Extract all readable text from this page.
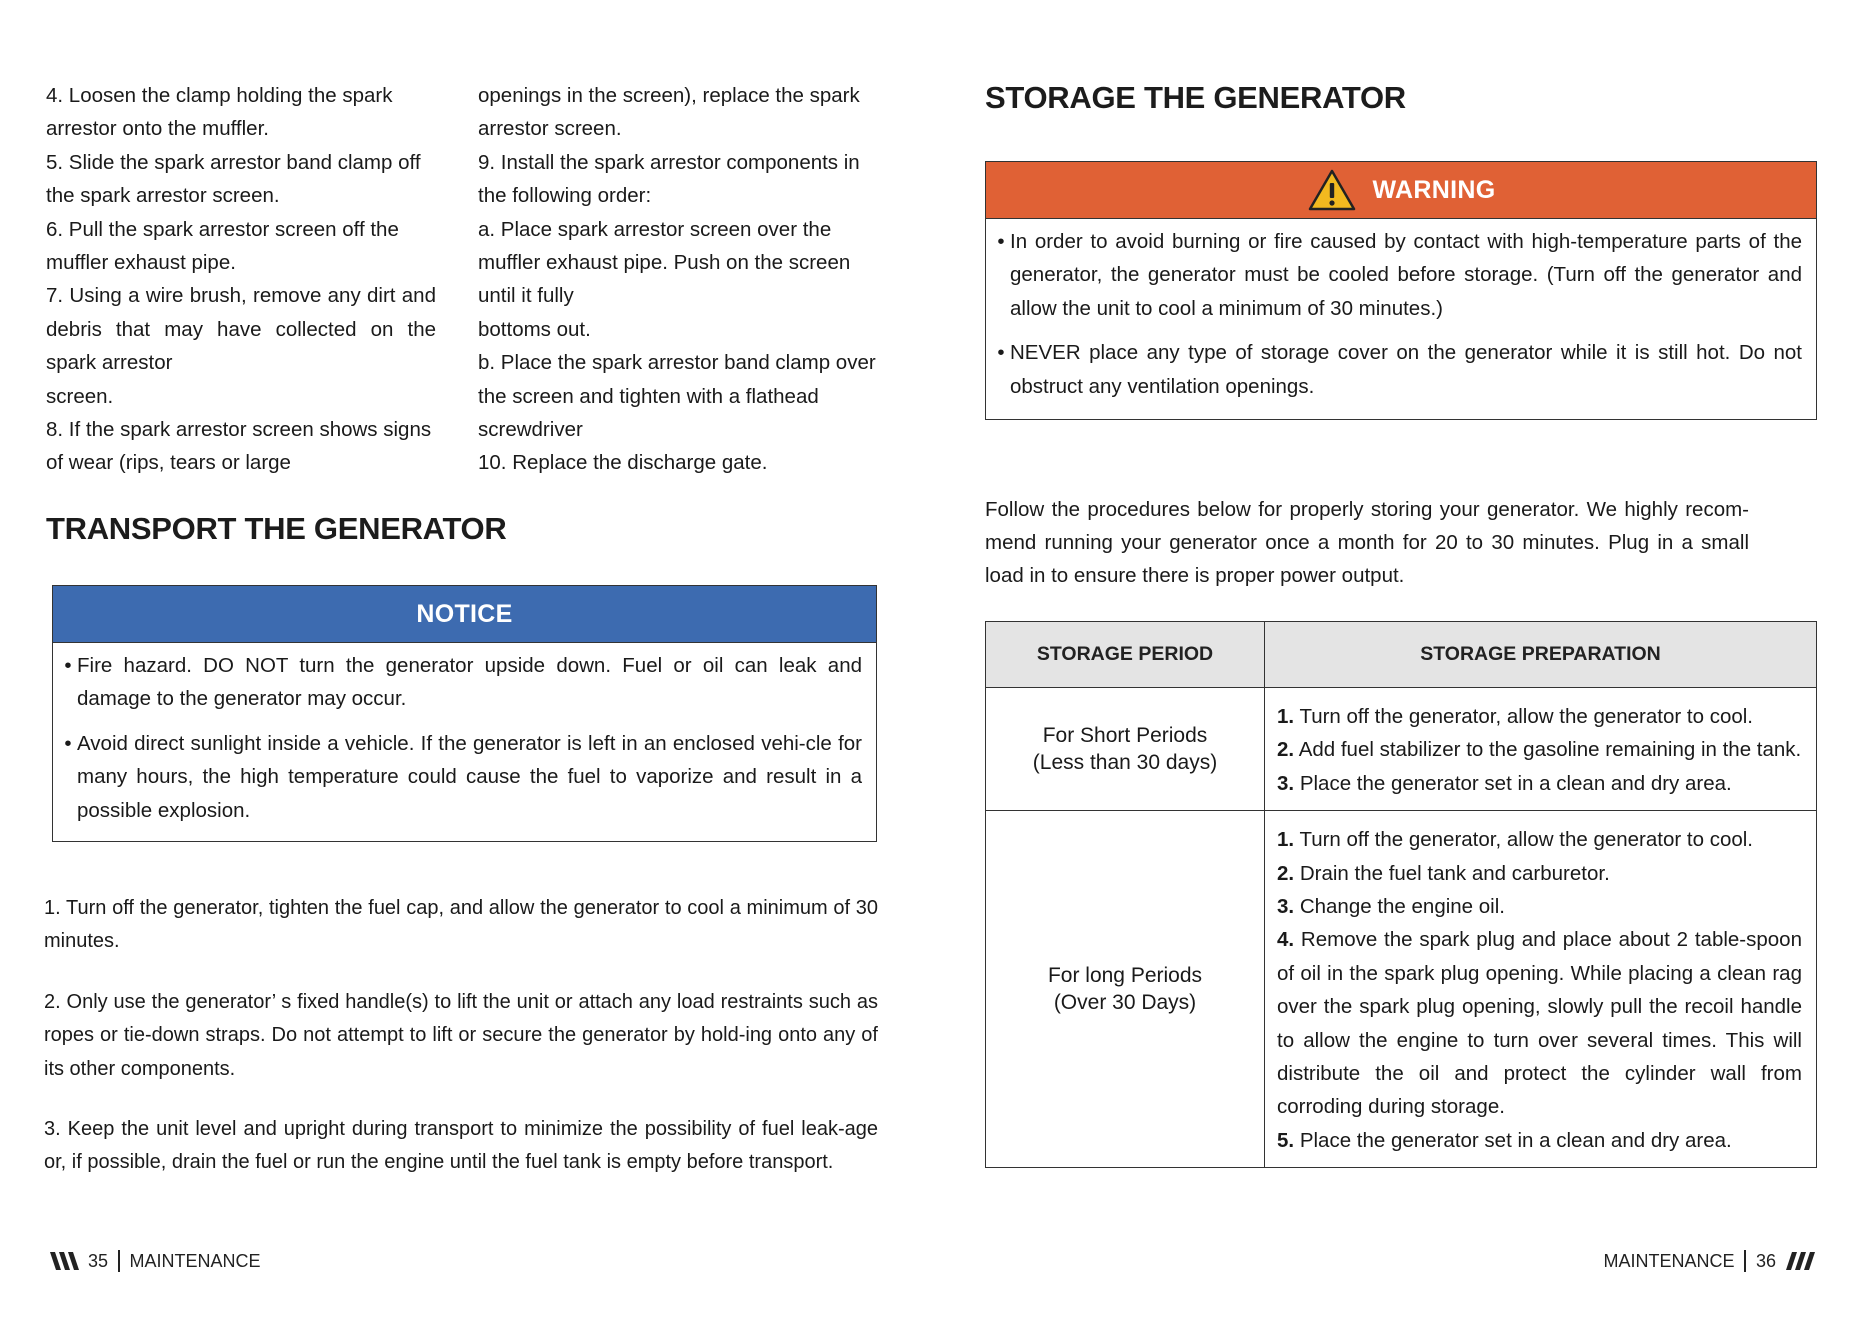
4. Loosen the clamp holding the spark arrestor onto the muffler.

5. Slide the spark arrestor band clamp off the spark arrestor screen.

6. Pull the spark arrestor screen off the muffler exhaust pipe.

7. Using a wire brush, remove any dirt and debris that may have collected on the spark arrestor

screen.

8. If the spark arrestor screen shows signs of wear (rips, tears or large

openings in the screen), replace the spark arrestor screen.

9. Install the spark arrestor components in the following order:

a. Place spark arrestor screen over the muffler exhaust pipe. Push on the screen until it fully

bottoms out.

b. Place the spark arrestor band clamp over the screen and tighten with a flathead screwdriver

10. Replace the discharge gate.

TRANSPORT THE GENERATOR
NOTICE
• Fire hazard. DO NOT turn the generator upside down. Fuel or oil can leak and damage to the generator may occur.
• Avoid direct sunlight inside a vehicle. If the generator is left in an enclosed vehi-cle for many hours, the high temperature could cause the fuel to vaporize and result in a possible explosion.

1. Turn off the generator, tighten the fuel cap, and allow the generator to cool a minimum of 30 minutes.

2. Only use the generator’ s fixed handle(s) to lift the unit or attach any load restraints such as ropes or tie-down straps. Do not attempt to lift or secure the generator by hold-ing onto any of its other components.

3. Keep the unit level and upright during transport to minimize the possibility of fuel leak-age or, if possible, drain the fuel or run the engine until the fuel tank is empty before transport.

35 MAINTENANCE
STORAGE THE GENERATOR
WARNING
• In order to avoid burning or fire caused by contact with high-temperature parts of the generator, the generator must be cooled before storage. (Turn off the generator and allow the unit to cool a minimum of 30 minutes.)
• NEVER place any type of storage cover on the generator while it is still hot. Do not obstruct any ventilation openings.

Follow the procedures below for properly storing your generator. We highly recom-mend running your generator once a month for 20 to 30 minutes. Plug in a small load in to ensure there is proper power output.

STORAGE PERIOD	STORAGE PREPARATION
For Short Periods
(Less than 30 days)	1. Turn off the generator, allow the generator to cool.
2. Add fuel stabilizer to the gasoline remaining in the tank.
3. Place the generator set in a clean and dry area.

For long Periods
(Over 30 Days)	1. Turn off the generator, allow the generator to cool.
2. Drain the fuel tank and carburetor.
3. Change the engine oil.
4. Remove the spark plug and place about 2 table-spoon of oil in the spark plug opening. While placing a clean rag over the spark plug opening, slowly pull the recoil handle to allow the engine to turn over several times. This will distribute the oil and protect the cylinder wall from corroding during storage.
5. Place the generator set in a clean and dry area.
MAINTENANCE 36
